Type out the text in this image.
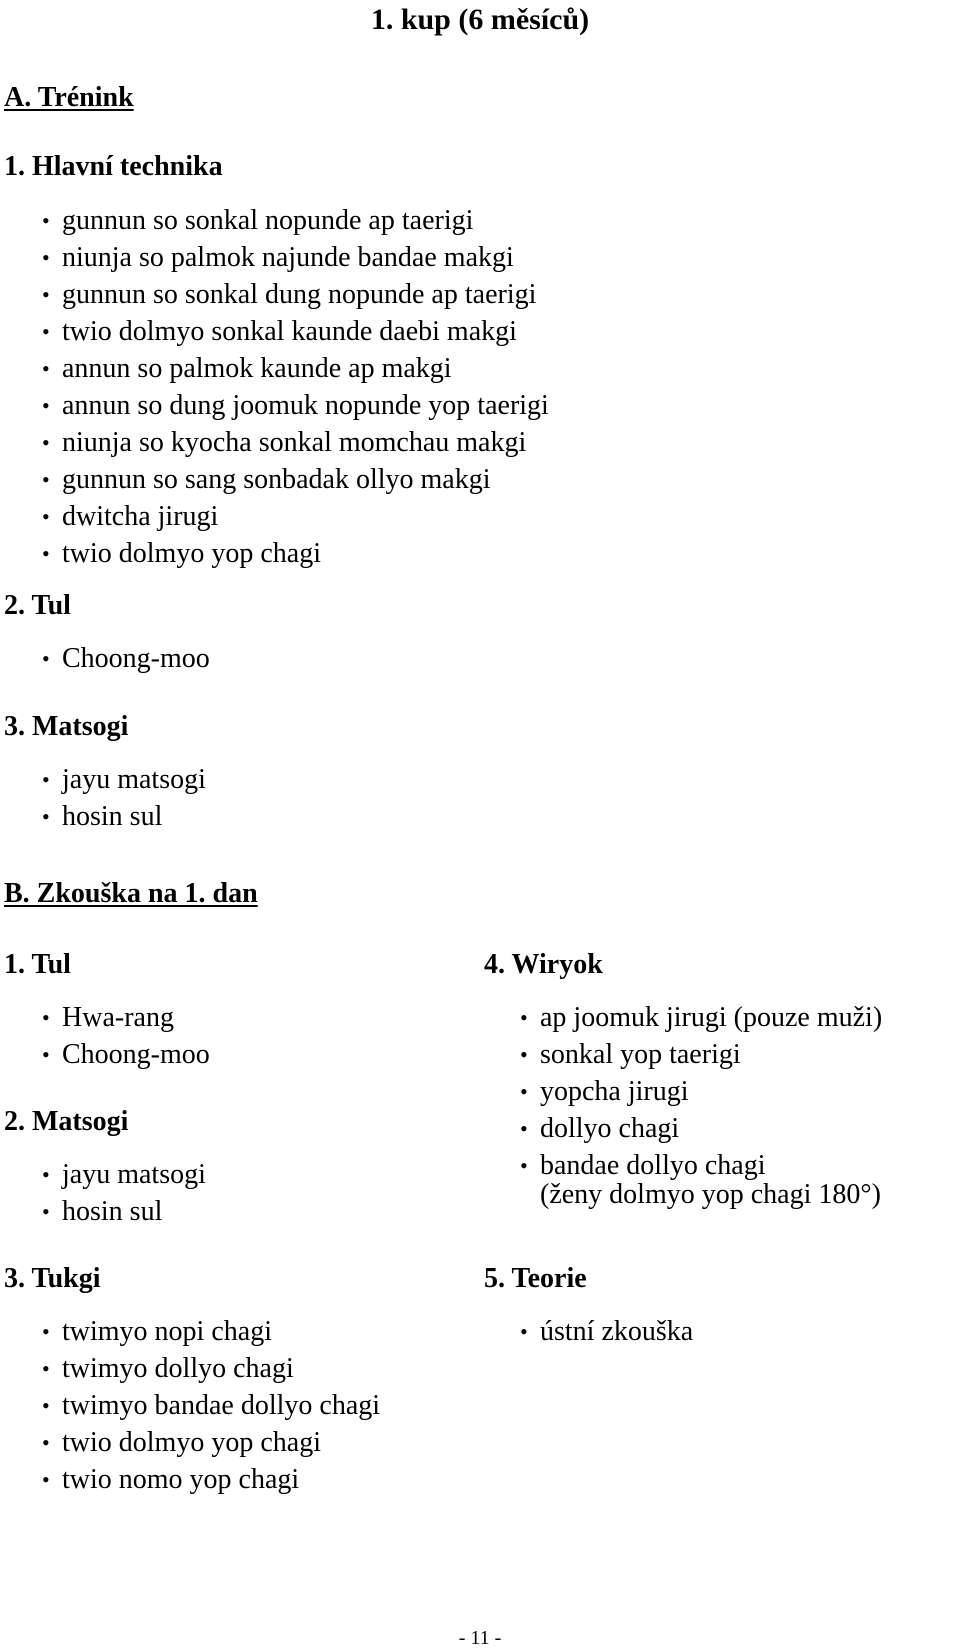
1. kup (6 měsíců)
A. Trénink
1. Hlavní technika
• gunnun so sonkal nopunde ap taerigi
• niunja so palmok najunde bandae makgi
• gunnun so sonkal dung nopunde ap taerigi
• twio dolmyo sonkal kaunde daebi makgi
• annun so palmok kaunde ap makgi
• annun so dung joomuk nopunde yop taerigi
• niunja so kyocha sonkal momchau makgi
• gunnun so sang sonbadak ollyo makgi
• dwitcha jirugi
• twio dolmyo yop chagi
2. Tul
• Choong-moo
3. Matsogi
• jayu matsogi
• hosin sul
B. Zkouška na 1. dan
1. Tul
• Hwa-rang
• Choong-moo
2. Matsogi
• jayu matsogi
• hosin sul
3. Tukgi
• twimyo nopi chagi
• twimyo dollyo chagi
• twimyo bandae dollyo chagi
• twio dolmyo yop chagi
• twio nomo yop chagi
4. Wiryok
• ap joomuk jirugi (pouze muži)
• sonkal yop taerigi
• yopcha jirugi
• dollyo chagi
• bandae dollyo chagi
(ženy dolmyo yop chagi 180°)
5. Teorie
• ústní zkouška
- 11 -
